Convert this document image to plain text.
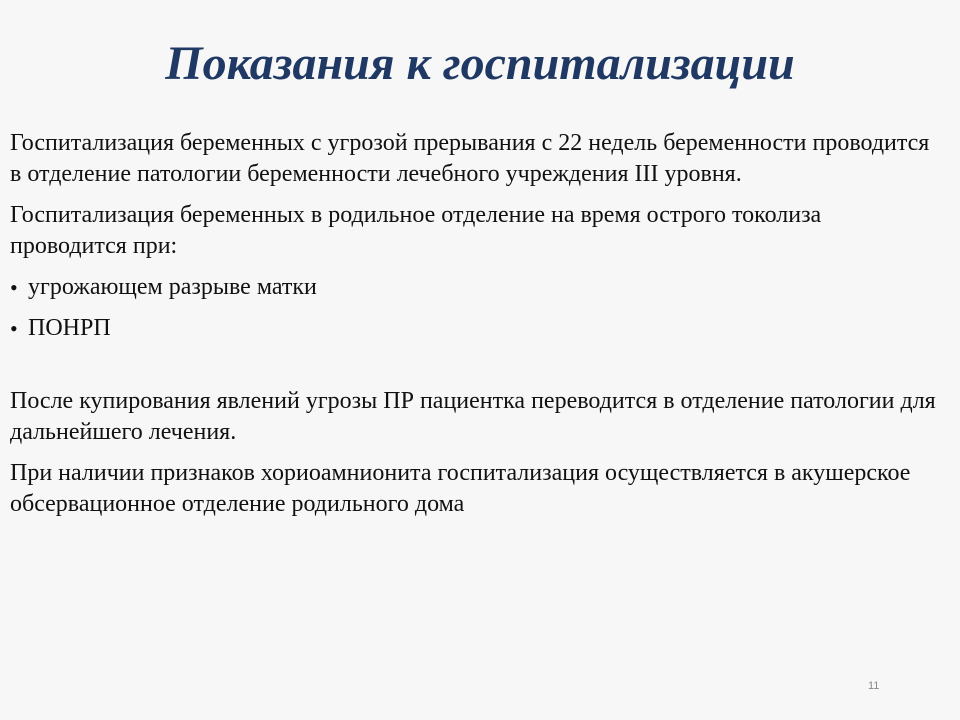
Показания к госпитализации

Госпитализация беременных с угрозой прерывания с 22 недель беременности проводится в отделение патологии беременности лечебного учреждения III уровня.

Госпитализация беременных в родильное отделение на время острого токолиза проводится при:

• угрожающем разрыве матки
• ПОНРП

После купирования явлений угрозы ПР пациентка переводится в отделение патологии для дальнейшего лечения.

При наличии признаков хориоамнионита госпитализация осуществляется в акушерское обсервационное отделение родильного дома

11
